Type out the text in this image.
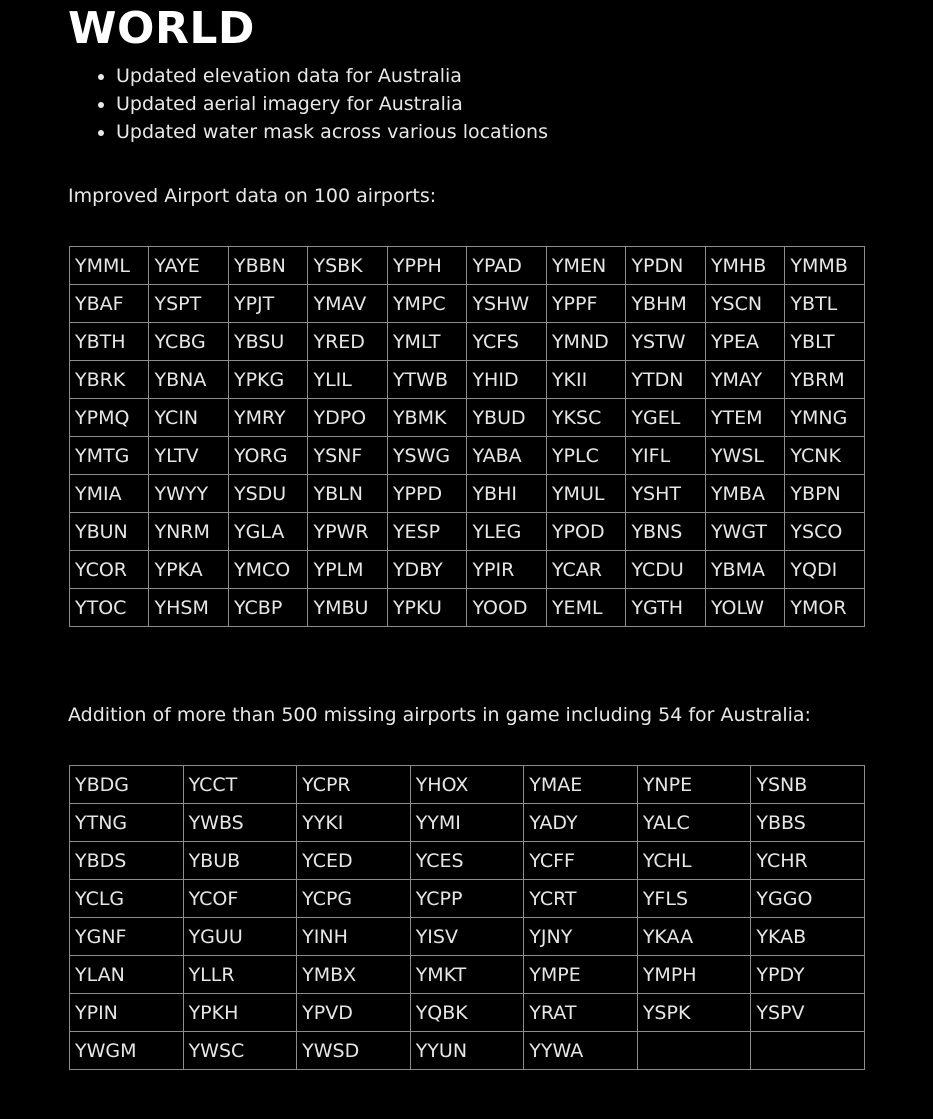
WORLD
• Updated elevation data for Australia
• Updated aerial imagery for Australia
• Updated water mask across various locations
Improved Airport data on 100 airports:
YMML	YAYE	YBBN	YSBK	YPPH	YPAD	YMEN	YPDN	YMHB	YMMB
YBAF	YSPT	YPJT	YMAV	YMPC	YSHW	YPPF	YBHM	YSCN	YBTL
YBTH	YCBG	YBSU	YRED	YMLT	YCFS	YMND	YSTW	YPEA	YBLT
YBRK	YBNA	YPKG	YLIL	YTWB	YHID	YKII	YTDN	YMAY	YBRM
YPMQ	YCIN	YMRY	YDPO	YBMK	YBUD	YKSC	YGEL	YTEM	YMNG
YMTG	YLTV	YORG	YSNF	YSWG	YABA	YPLC	YIFL	YWSL	YCNK
YMIA	YWYY	YSDU	YBLN	YPPD	YBHI	YMUL	YSHT	YMBA	YBPN
YBUN	YNRM	YGLA	YPWR	YESP	YLEG	YPOD	YBNS	YWGT	YSCO
YCOR	YPKA	YMCO	YPLM	YDBY	YPIR	YCAR	YCDU	YBMA	YQDI
YTOC	YHSM	YCBP	YMBU	YPKU	YOOD	YEML	YGTH	YOLW	YMOR
Addition of more than 500 missing airports in game including 54 for Australia:
YBDG	YCCT	YCPR	YHOX	YMAE	YNPE	YSNB
YTNG	YWBS	YYKI	YYMI	YADY	YALC	YBBS
YBDS	YBUB	YCED	YCES	YCFF	YCHL	YCHR
YCLG	YCOF	YCPG	YCPP	YCRT	YFLS	YGGO
YGNF	YGUU	YINH	YISV	YJNY	YKAA	YKAB
YLAN	YLLR	YMBX	YMKT	YMPE	YMPH	YPDY
YPIN	YPKH	YPVD	YQBK	YRAT	YSPK	YSPV
YWGM	YWSC	YWSD	YYUN	YYWA		
